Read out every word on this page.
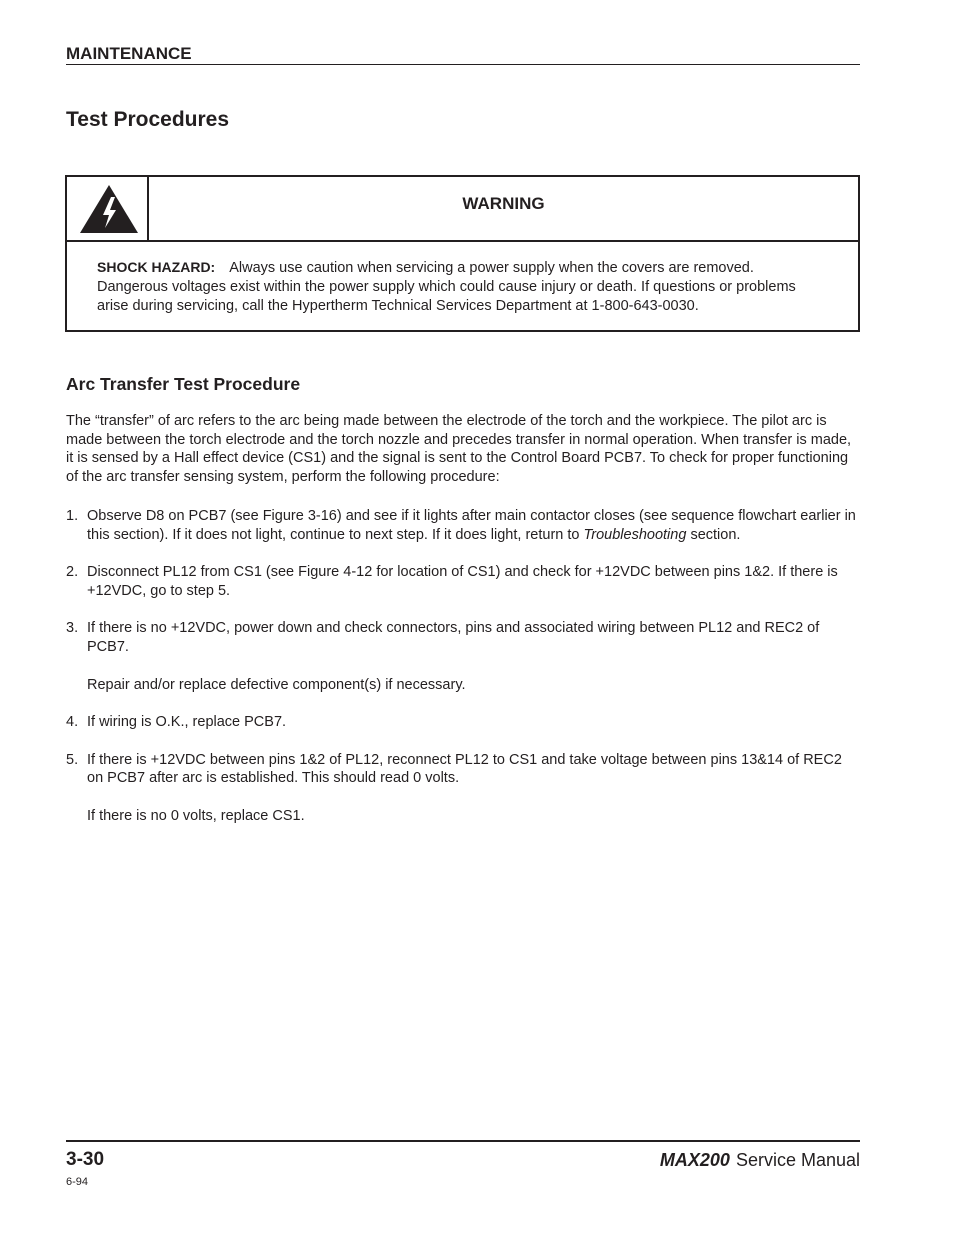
MAINTENANCE
Test Procedures
WARNING
SHOCK HAZARD: Always use caution when servicing a power supply when the covers are removed. Dangerous voltages exist within the power supply which could cause injury or death. If questions or problems arise during servicing, call the Hypertherm Technical Services Department at 1-800-643-0030.
Arc Transfer Test Procedure
The “transfer” of arc refers to the arc being made between the electrode of the torch and the workpiece. The pilot arc is made between the torch electrode and the torch nozzle and precedes transfer in normal operation. When transfer is made, it is sensed by a Hall effect device (CS1) and the signal is sent to the Control Board PCB7. To check for proper functioning of the arc transfer sensing system, perform the following procedure:

1. Observe D8 on PCB7 (see Figure 3-16) and see if it lights after main contactor closes (see sequence flowchart earlier in this section). If it does not light, continue to next step. If it does light, return to Troubleshooting section.

2. Disconnect PL12 from CS1 (see Figure 4-12 for location of CS1) and check for +12VDC between pins 1&2. If there is +12VDC, go to step 5.

3. If there is no +12VDC, power down and check connectors, pins and associated wiring between PL12 and REC2 of PCB7.

Repair and/or replace defective component(s) if necessary.

4. If wiring is O.K., replace PCB7.

5. If there is +12VDC between pins 1&2 of PL12, reconnect PL12 to CS1 and take voltage between pins 13&14 of REC2 on PCB7 after arc is established. This should read 0 volts.

If there is no 0 volts, replace CS1.

3-30
6-94
MAX200 Service Manual
